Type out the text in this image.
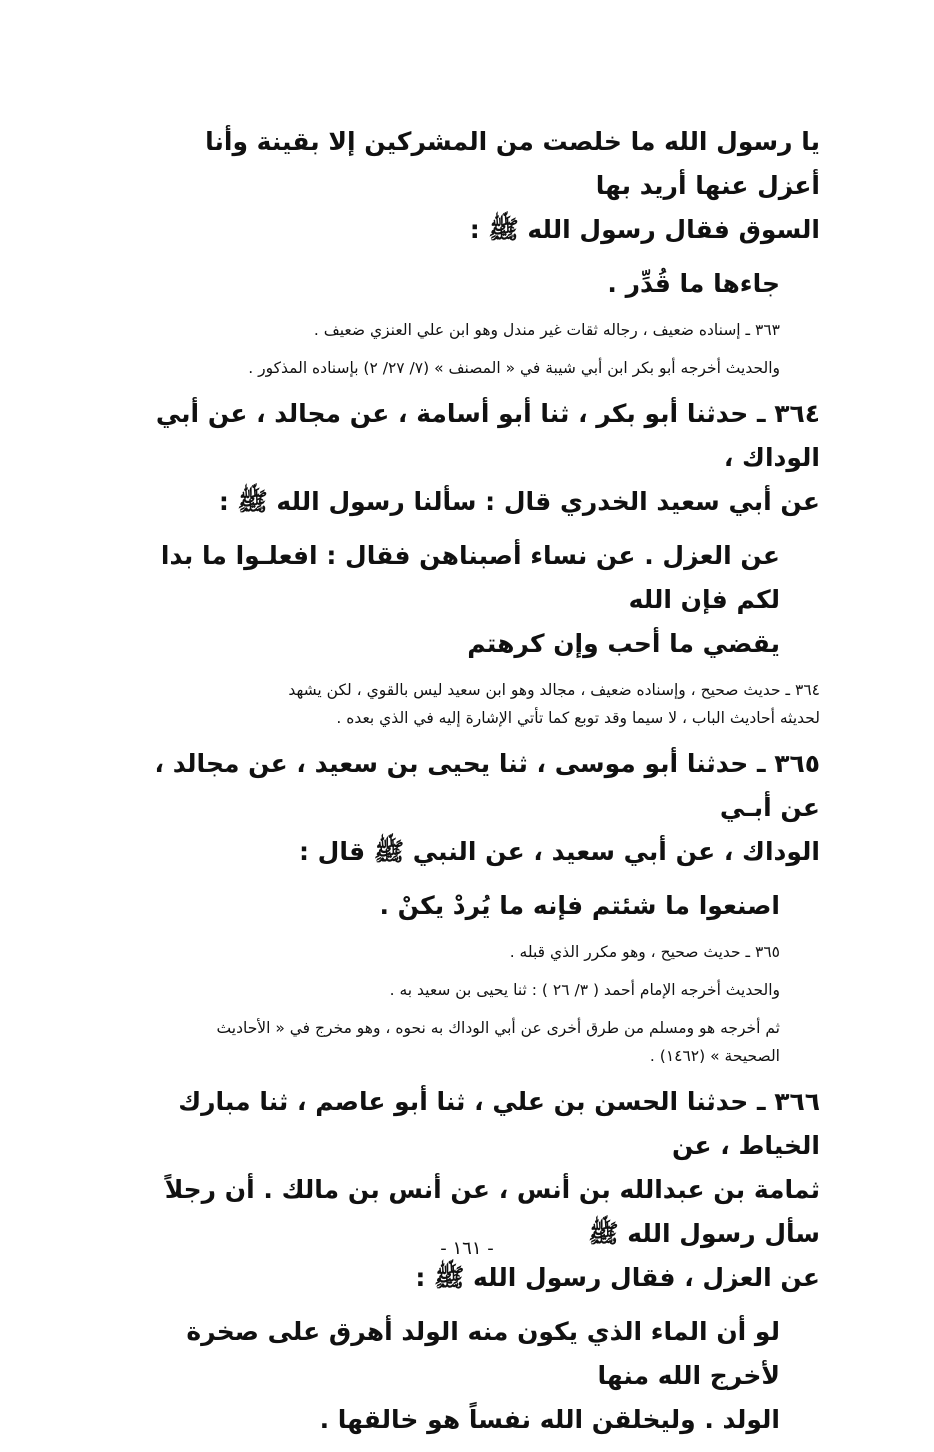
يا رسول الله ما خلصت من المشركين إلا بقينة وأنا أعزل عنها أريد بها

السوق فقال رسول الله ﷺ :

جاءها ما قُدِّر .

٣٦٣ ـ إسناده ضعيف ، رجاله ثقات غير مندل وهو ابن علي العنزي ضعيف .

والحديث أخرجه أبو بكر ابن أبي شيبة في « المصنف » (٧/ ٢٧/ ٢) بإسناده المذكور .

٣٦٤ ـ حدثنا أبو بكر ، ثنا أبو أسامة ، عن مجالد ، عن أبي الوداك ،

عن أبي سعيد الخدري قال : سألنا رسول الله ﷺ :

عن العزل . عن نساء أصبناهن فقال : افعلـوا ما بدا لكم فإن الله

يقضي ما أحب وإن كرهتم

٣٦٤ ـ حديث صحيح ، وإسناده ضعيف ، مجالد وهو ابن سعيد ليس بالقوي ، لكن يشهد

لحديثه أحاديث الباب ، لا سيما وقد توبع كما تأتي الإشارة إليه في الذي بعده .

٣٦٥ ـ حدثنا أبو موسى ، ثنا يحيى بن سعيد ، عن مجالد ، عن أبـي

الوداك ، عن أبي سعيد ، عن النبي ﷺ قال :

اصنعوا ما شئتم فإنه ما يُردْ يكنْ .

٣٦٥ ـ حديث صحيح ، وهو مكرر الذي قبله .

والحديث أخرجه الإمام أحمد ( ٣/ ٢٦ ) : ثنا يحيى بن سعيد به .

ثم أخرجه هو ومسلم من طرق أخرى عن أبي الوداك به نحوه ، وهو مخرج في « الأحاديث

الصحيحة » (١٤٦٢) .

٣٦٦ ـ حدثنا الحسن بن علي ، ثنا أبو عاصم ، ثنا مبارك الخياط ، عن

ثمامة بن عبدالله بن أنس ، عن أنس بن مالك . أن رجلاً سأل رسول الله ﷺ

عن العزل ، فقال رسول الله ﷺ :

لو أن الماء الذي يكون منه الولد أهرق على صخرة لأخرج الله منها

الولد . وليخلقن الله نفساً هو خالقها .

- ١٦١ -
